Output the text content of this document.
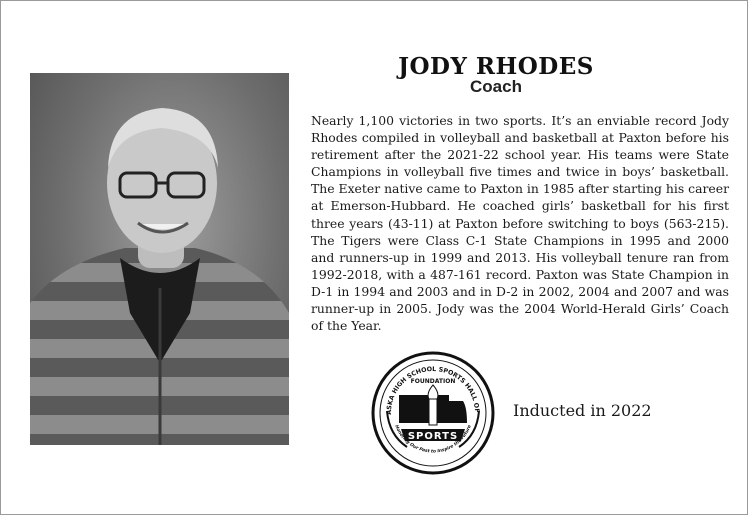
JODY RHODES
Coach
Nearly 1,100 victories in two sports. It’s an enviable record Jody Rhodes compiled in volleyball and basketball at Paxton before his retirement after the 2021-22 school year. His teams were State Champions in volleyball five times and twice in boys’ basketball. The Exeter native came to Paxton in 1985 after starting his career at Emerson-Hubbard. He coached girls’ basketball for his first three years (43-11) at Paxton before switching to boys (563-215). The Tigers were Class C-1 State Champions in 1995 and 2000 and runners-up in 1999 and 2013. His volleyball tenure ran from 1992-2018, with a 487-161 record. Paxton was State Champion in D-1 in 1994 and 2003 and in D-2 in 2002, 2004 and 2007 and was runner-up in 2005. Jody was the 2004 World-Herald Girls’ Coach of the Year.
ASKA HIGH SCHOOL SPORTS HALL OF
FOUNDATION
SPORTS
Honoring Our Past to Inspire the Future
Inducted in 2022
